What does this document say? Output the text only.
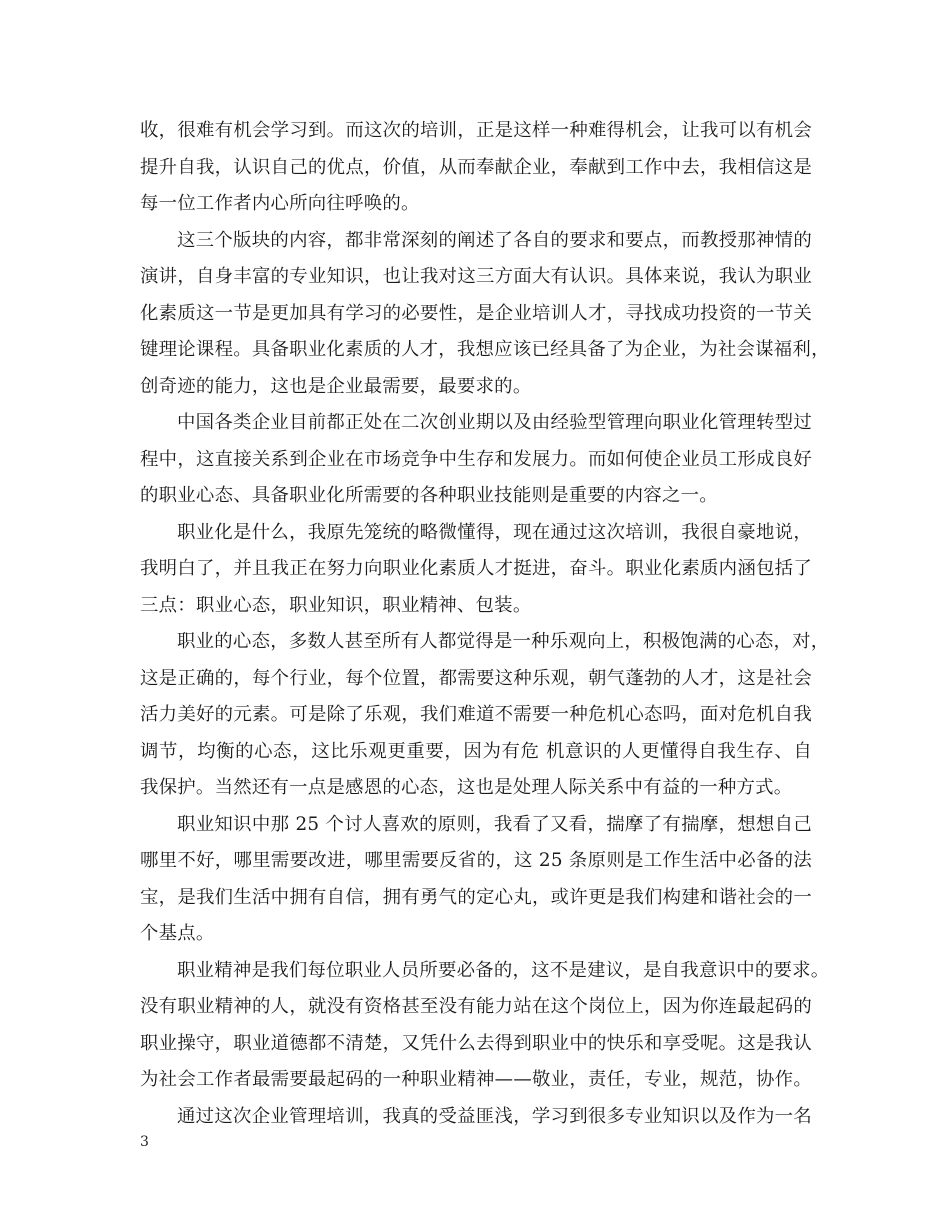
收，很难有机会学习到。而这次的培训，正是这样一种难得机会，让我可以有机会
提升自我，认识自己的优点，价值，从而奉献企业，奉献到工作中去，我相信这是
每一位工作者内心所向往呼唤的。
这三个版块的内容，都非常深刻的阐述了各自的要求和要点，而教授那神情的
演讲，自身丰富的专业知识，也让我对这三方面大有认识。具体来说，我认为职业
化素质这一节是更加具有学习的必要性，是企业培训人才，寻找成功投资的一节关
键理论课程。具备职业化素质的人才，我想应该已经具备了为企业，为社会谋福利，
创奇迹的能力，这也是企业最需要，最要求的。
中国各类企业目前都正处在二次创业期以及由经验型管理向职业化管理转型过
程中，这直接关系到企业在市场竞争中生存和发展力。而如何使企业员工形成良好
的职业心态、具备职业化所需要的各种职业技能则是重要的内容之一。
职业化是什么，我原先笼统的略微懂得，现在通过这次培训，我很自豪地说，
我明白了，并且我正在努力向职业化素质人才挺进，奋斗。职业化素质内涵包括了
三点：职业心态，职业知识，职业精神、包装。
职业的心态，多数人甚至所有人都觉得是一种乐观向上，积极饱满的心态，对，
这是正确的，每个行业，每个位置，都需要这种乐观，朝气蓬勃的人才，这是社会
活力美好的元素。可是除了乐观，我们难道不需要一种危机心态吗，面对危机自我
调节，均衡的心态，这比乐观更重要，因为有危 机意识的人更懂得自我生存、自
我保护。当然还有一点是感恩的心态，这也是处理人际关系中有益的一种方式。
职业知识中那 25 个讨人喜欢的原则，我看了又看，揣摩了有揣摩，想想自己
哪里不好，哪里需要改进，哪里需要反省的，这 25 条原则是工作生活中必备的法
宝，是我们生活中拥有自信，拥有勇气的定心丸，或许更是我们构建和谐社会的一
个基点。
职业精神是我们每位职业人员所要必备的，这不是建议，是自我意识中的要求。
没有职业精神的人，就没有资格甚至没有能力站在这个岗位上，因为你连最起码的
职业操守，职业道德都不清楚，又凭什么去得到职业中的快乐和享受呢。这是我认
为社会工作者最需要最起码的一种职业精神——敬业，责任，专业，规范，协作。
通过这次企业管理培训，我真的受益匪浅，学习到很多专业知识以及作为一名
3
